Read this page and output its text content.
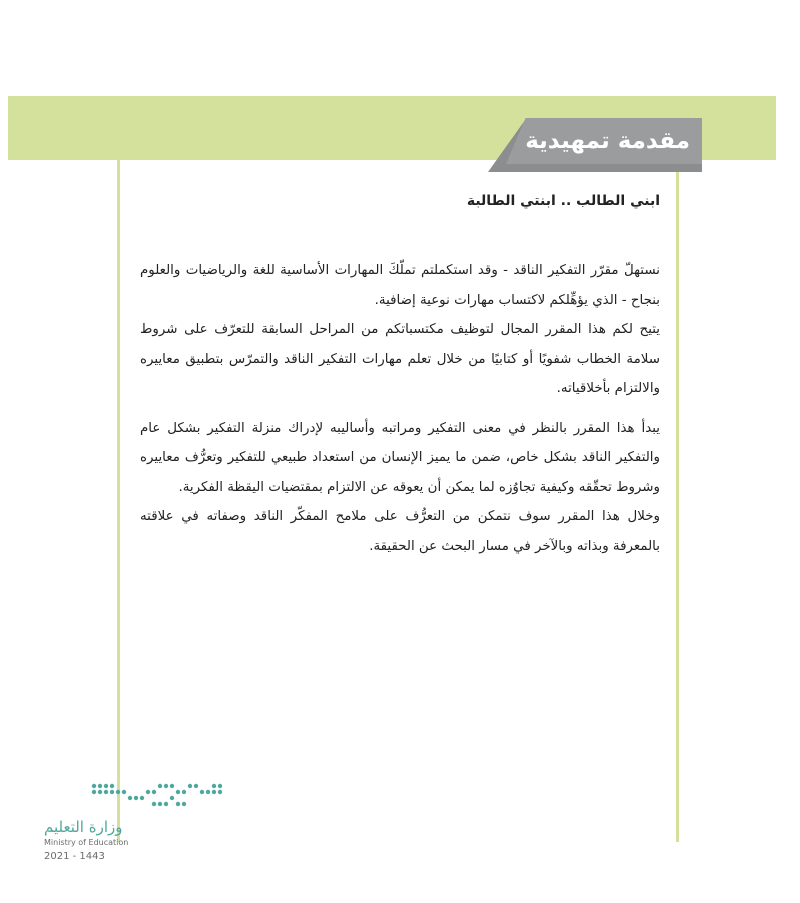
مقدمة تمهيدية

ابني الطالب .. ابنتي الطالبة

نستهلّ مقرّر التفكير الناقد - وقد استكملتم تملّكَ المهارات الأساسية للغة والرياضيات والعلوم بنجاح - الذي يؤهِّلكم لاكتساب مهارات نوعية إضافية.

يتيح لكم هذا المقرر المجال لتوظيف مكتسباتكم من المراحل السابقة للتعرّف على شروط سلامة الخطاب شفويًا أو كتابيًا من خلال تعلم مهارات التفكير الناقد والتمرّس بتطبيق معاييره والالتزام بأخلاقياته.

يبدأ هذا المقرر بالنظر في معنى التفكير ومراتبه وأساليبه لإدراك منزلة التفكير بشكل عام والتفكير الناقد بشكل خاص، ضمن ما يميز الإنسان من استعداد طبيعي للتفكير وتعرُّف معاييره وشروط تحقّقه وكيفية تجاوُزه لما يمكن أن يعوقه عن الالتزام بمقتضيات اليقظة الفكرية.

وخلال هذا المقرر سوف نتمكن من التعرُّف على ملامح المفكّر الناقد وصفاته في علاقته بالمعرفة وبذاته وبالآخر في مسار البحث عن الحقيقة.

وزارة التعليم
Ministry of Education
2021 - 1443
